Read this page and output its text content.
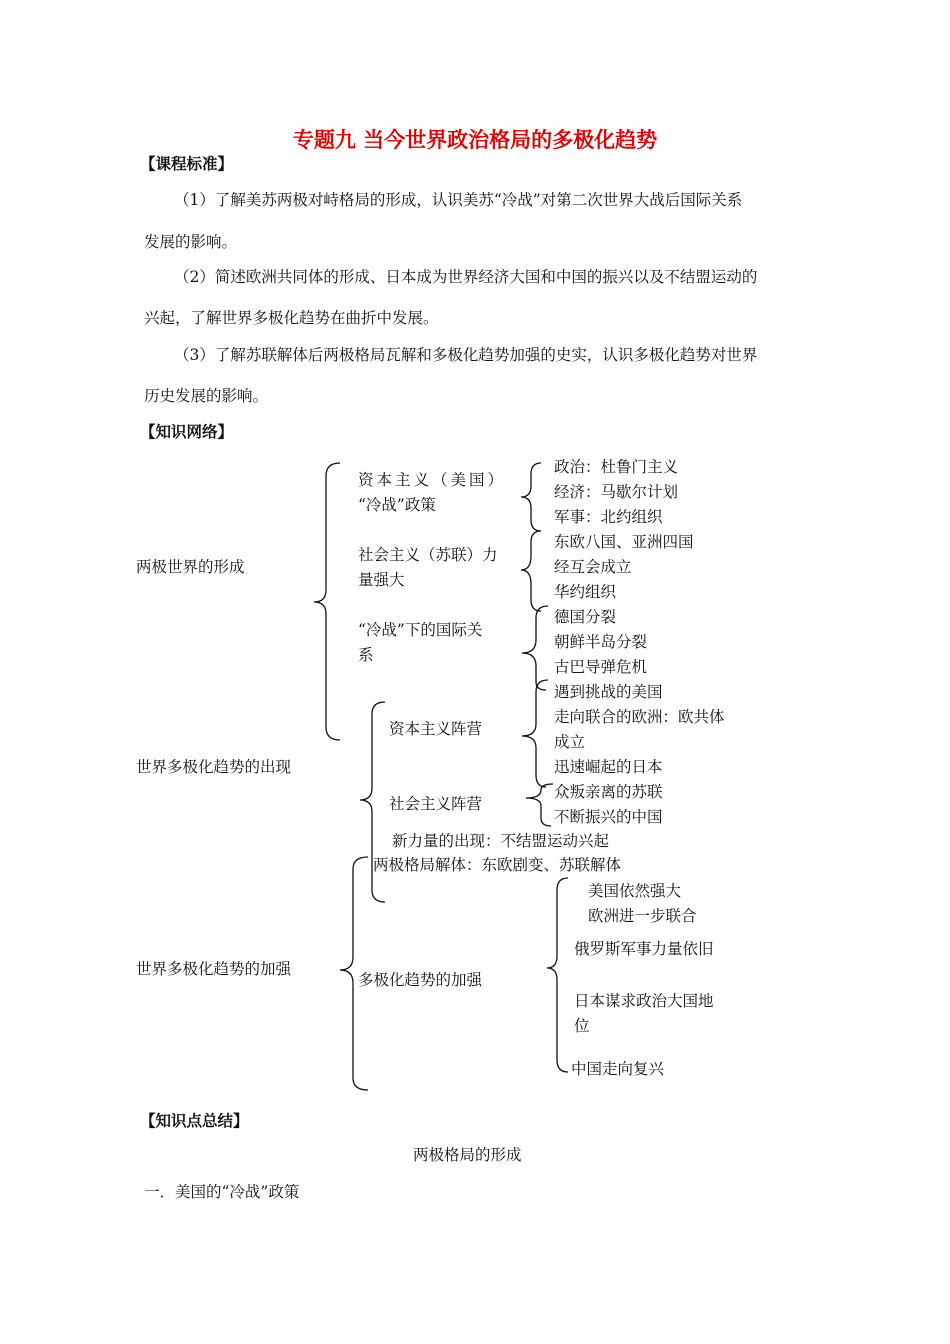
专题九 当今世界政治格局的多极化趋势
【课程标准】
（1）了解美苏两极对峙格局的形成，认识美苏“冷战”对第二次世界大战后国际关系
发展的影响。
（2）简述欧洲共同体的形成、日本成为世界经济大国和中国的振兴以及不结盟运动的
兴起，了解世界多极化趋势在曲折中发展。
（3）了解苏联解体后两极格局瓦解和多极化趋势加强的史实，认识多极化趋势对世界
历史发展的影响。
【知识网络】
两极世界的形成
世界多极化趋势的出现
世界多极化趋势的加强
资本主义（美国）
“冷战”政策
社会主义（苏联）力
量强大
“冷战”下的国际关
系
资本主义阵营
社会主义阵营
新力量的出现：不结盟运动兴起
两极格局解体：东欧剧变、苏联解体
多极化趋势的加强
政治：杜鲁门主义
经济：马歇尔计划
军事：北约组织
东欧八国、亚洲四国
经互会成立
华约组织
德国分裂
朝鲜半岛分裂
古巴导弹危机
遇到挑战的美国
走向联合的欧洲：欧共体
成立
迅速崛起的日本
众叛亲离的苏联
不断振兴的中国
美国依然强大
欧洲进一步联合
俄罗斯军事力量依旧
日本谋求政治大国地
位
中国走向复兴
【知识点总结】
两极格局的形成
一．美国的“冷战”政策
